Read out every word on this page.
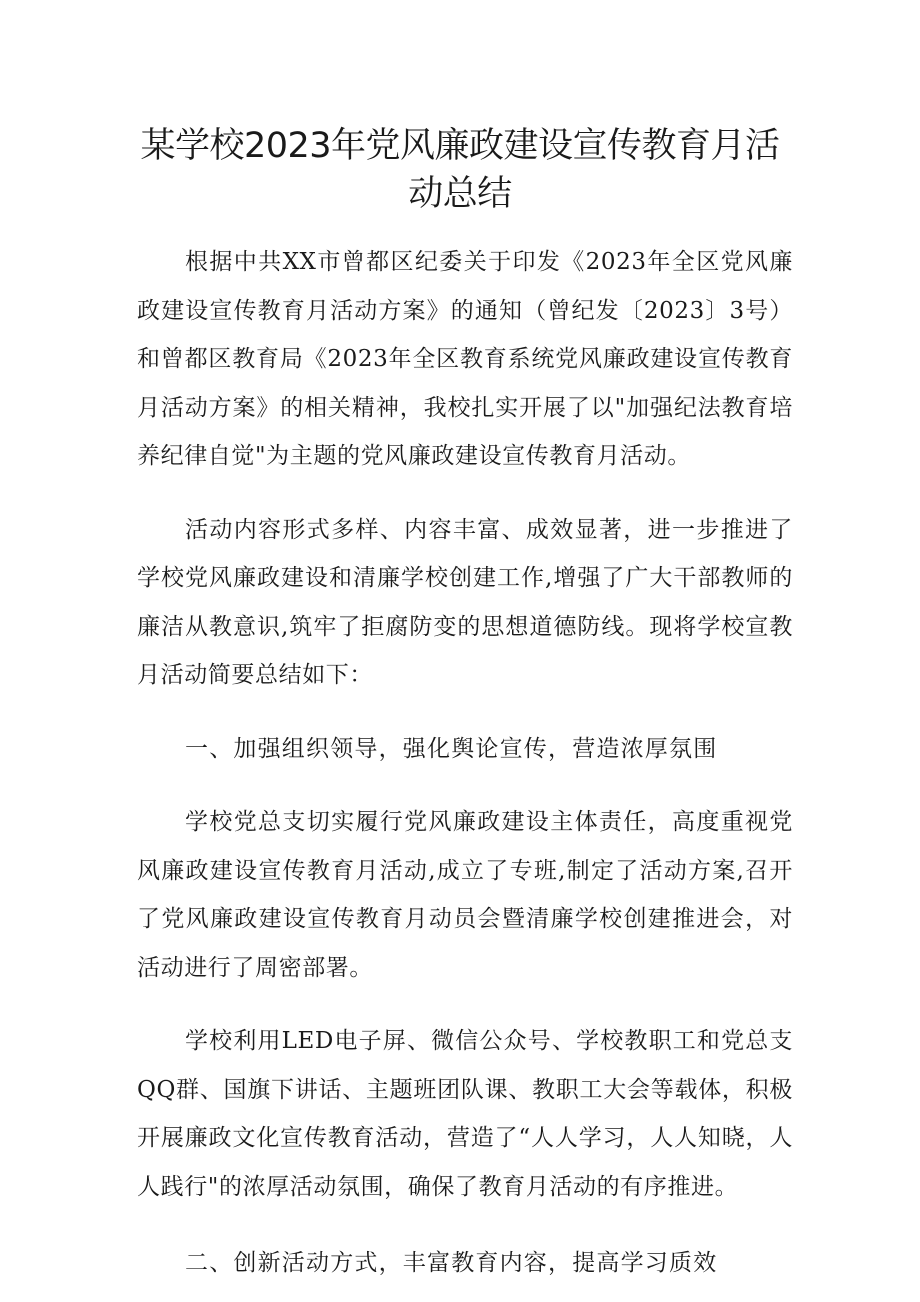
某学校2023年党风廉政建设宣传教育月活
动总结

根据中共XX市曾都区纪委关于印发《2023年全区党风廉政建设宣传教育月活动方案》的通知（曾纪发〔2023〕3号）和曾都区教育局《2023年全区教育系统党风廉政建设宣传教育月活动方案》的相关精神，我校扎实开展了以"加强纪法教育培养纪律自觉"为主题的党风廉政建设宣传教育月活动。

活动内容形式多样、内容丰富、成效显著，进一步推进了学校党风廉政建设和清廉学校创建工作,增强了广大干部教师的廉洁从教意识,筑牢了拒腐防变的思想道德防线。现将学校宣教月活动简要总结如下：

一、加强组织领导，强化舆论宣传，营造浓厚氛围

学校党总支切实履行党风廉政建设主体责任，高度重视党风廉政建设宣传教育月活动,成立了专班,制定了活动方案,召开了党风廉政建设宣传教育月动员会暨清廉学校创建推进会，对活动进行了周密部署。

学校利用LED电子屏、微信公众号、学校教职工和党总支QQ群、国旗下讲话、主题班团队课、教职工大会等载体，积极开展廉政文化宣传教育活动，营造了“人人学习，人人知晓，人人践行"的浓厚活动氛围，确保了教育月活动的有序推进。

二、创新活动方式，丰富教育内容，提高学习质效
